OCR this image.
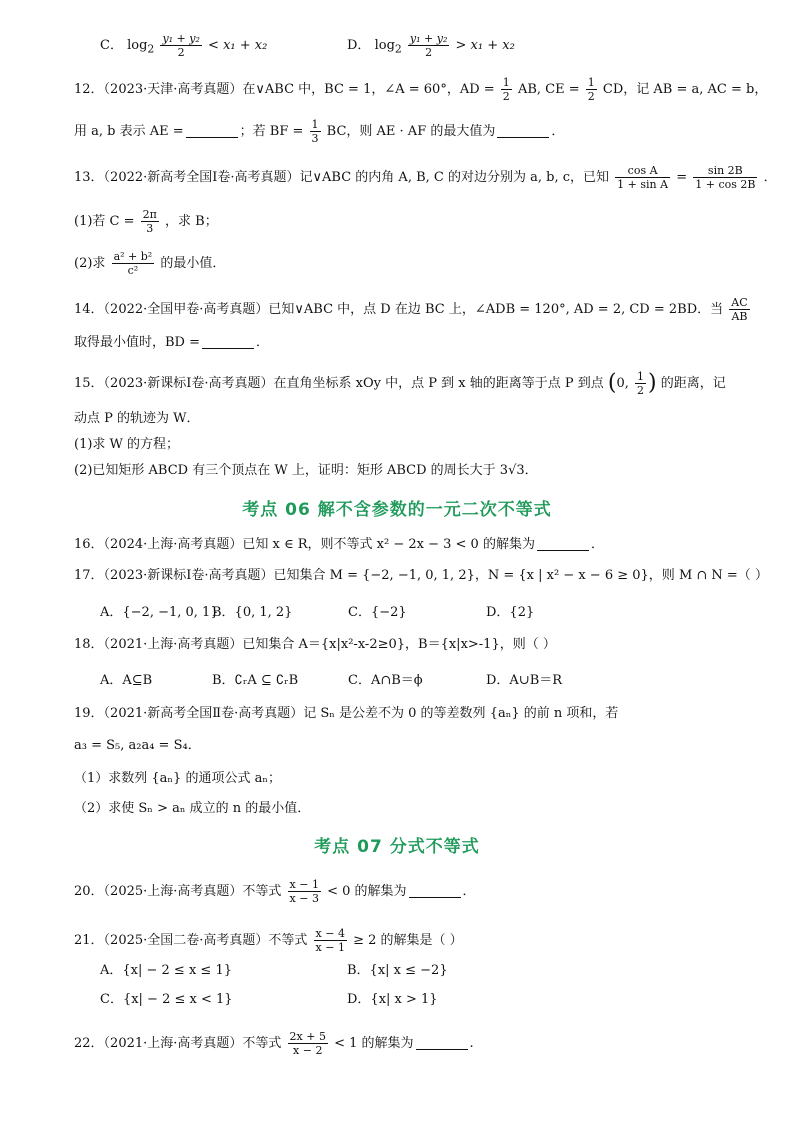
C． $\log_2 \frac{\text{y₁ + y₂}}{2} < x_1 + x_2$	D． $\log_2 \frac{\text{y₁ + y₂}}{2} > x_1 + x_2$
12．（2023·天津·高考真题）在∨ABC 中，BC = 1，∠A = 60°，AD = $\frac{1}{2}$ AB, CE = $\frac{1}{2}$ CD，记 AB = a, AC = b，
用 a, b 表示 AE =	；若 BF = $\frac{1}{3}$ BC，则 AE · AF 的最大值为	．
13．（2022·新高考全国Ⅰ卷·高考真题）记∨ABC 的内角 A, B, C 的对边分别为 a, b, c，已知 $\frac{\text{cos A}}{\text{1 + sin A}} = \frac{\sin 2B}{1 + \cos 2B}$ ．
(1)若 $C = \frac{2\pi}{3}$ ，求 B；
(2)求 $\frac{\text{a² + b²}}{\text{c²}}$ 的最小值．
14．（2022·全国甲卷·高考真题）已知∨ABC 中，点 D 在边 BC 上，∠ADB = 120°, AD = 2, CD = 2BD．当 $\frac{AC}{AB}$
取得最小值时，BD =	．
15．（2023·新课标Ⅰ卷·高考真题）在直角坐标系 xOy 中，点 P 到 x 轴的距离等于点 P 到点 (0, $\frac{1}{2}$ ) 的距离，记
动点 P 的轨迹为 W．
(1)求 W 的方程；
(2)已知矩形 ABCD 有三个顶点在 W 上，证明：矩形 ABCD 的周长大于 3√3．
考点 06 解不含参数的一元二次不等式
16．（2024·上海·高考真题）已知 x ∈ R，则不等式 x² − 2x − 3 < 0 的解集为	．
17．（2023·新课标Ⅰ卷·高考真题）已知集合 M = {−2, −1, 0, 1, 2}，N = {x | x² − x − 6 ≥ 0}，则 M ∩ N =（ ）
A．{−2, −1, 0, 1}
B．{0, 1, 2}	C．{−2}	D．{2}
18．（2021·上海·高考真题）已知集合 A＝{x|x²-x-2≥0}，B＝{x|x>-1}，则（ ）
A．A⊆B	B．∁ᵣA ⊆ ∁ᵣB	C．A∩B＝ϕ	D．A∪B＝R
19．（2021·新高考全国Ⅱ卷·高考真题）记 Sₙ 是公差不为 0 的等差数列 {aₙ} 的前 n 项和，若
a₃ = S₅, a₂a₄ = S₄．
（1）求数列 {aₙ} 的通项公式 aₙ；
（2）求使 Sₙ > aₙ 成立的 n 的最小值．
考点 07 分式不等式
20．（2025·上海·高考真题）不等式 $\frac{x - 1}{x - 3} < 0$ 的解集为	．
21．（2025·全国二卷·高考真题）不等式 $\frac{x - 4}{x - 1} \ge 2$ 的解集是（ ）
A．{x| − 2 ≤ x ≤ 1}	B．{x| x ≤ −2}
C．{x| − 2 ≤ x < 1}	D．{x| x > 1}
22．（2021·上海·高考真题）不等式 $\frac{2x + 5}{x - 2} < 1$ 的解集为	.
